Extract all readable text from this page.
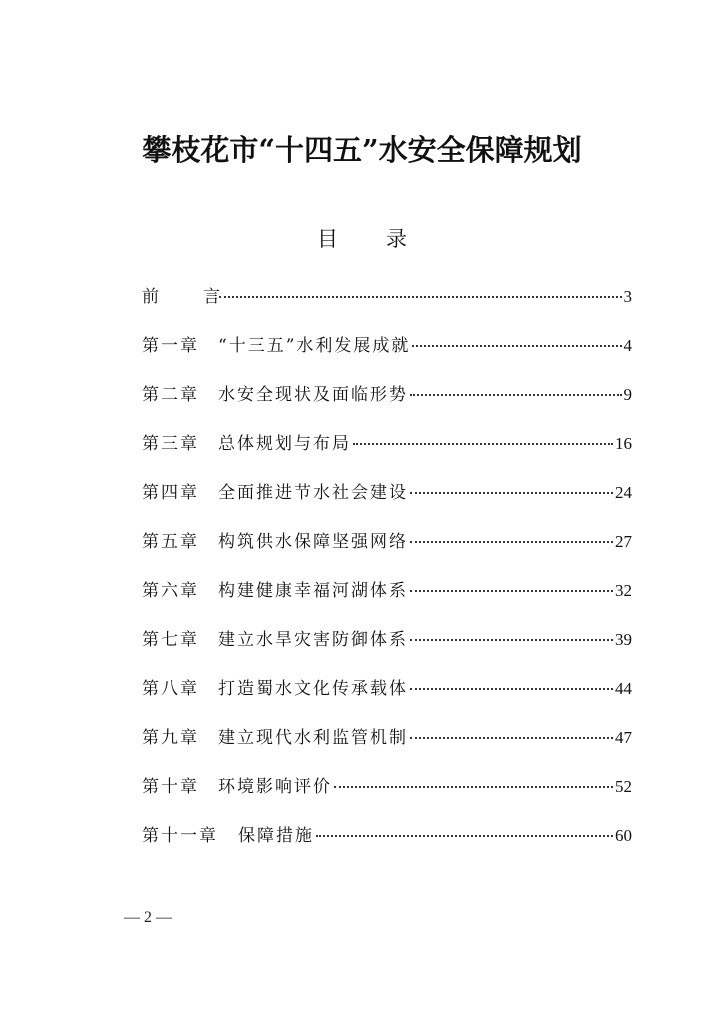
攀枝花市“十四五”水安全保障规划
目 录
前	言	3
第一章	“十三五”水利发展成就	4
第二章	水安全现状及面临形势	9
第三章	总体规划与布局	16
第四章	全面推进节水社会建设	24
第五章	构筑供水保障坚强网络	27
第六章	构建健康幸福河湖体系	32
第七章	建立水旱灾害防御体系	39
第八章	打造蜀水文化传承载体	44
第九章	建立现代水利监管机制	47
第十章	环境影响评价	52
第十一章	保障措施	60
— 2 —
